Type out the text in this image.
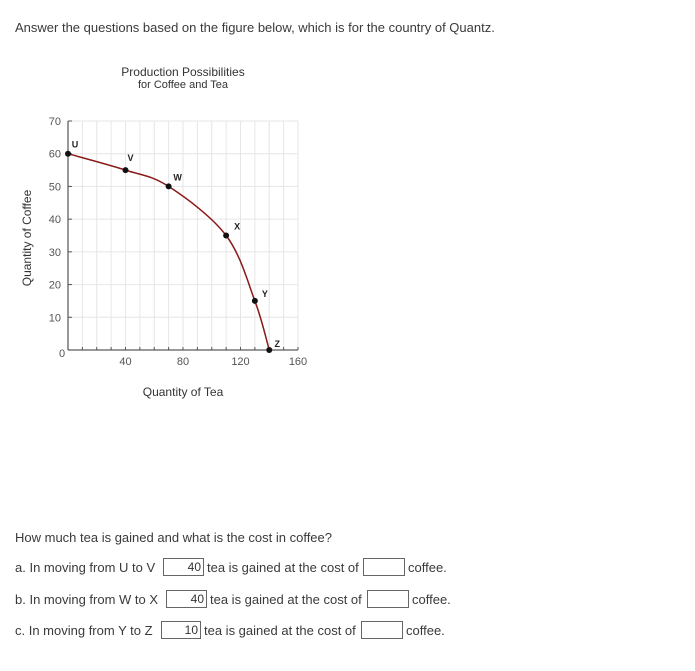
Answer the questions based on the figure below, which is for the country of Quantz.
40	80	120	160
10
20
30
40
50
60
70
U
V
W
X
Y
Z
Production Possibilities
for Coffee and Tea
Quantity of Tea
Quantity of Coffee
0
How much tea is gained and what is the cost in coffee?
a. In moving from U to V
40	tea is gained at the cost of	coffee.
b. In moving from W to X
40	tea is gained at the cost of	coffee.
c. In moving from Y to Z
10	tea is gained at the cost of	coffee.
